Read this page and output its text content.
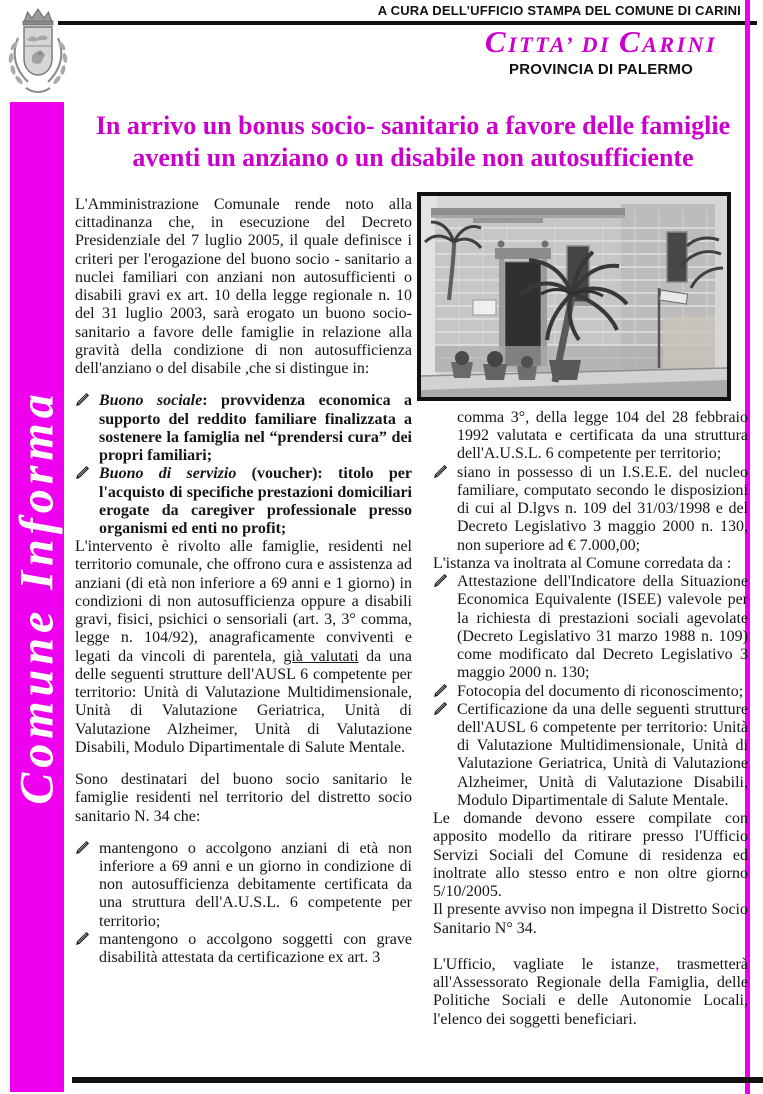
A CURA DELL’UFFICIO STAMPA DEL COMUNE DI CARINI
CITTA’ DI CARINI
PROVINCIA DI PALERMO
Comune Informa
In arrivo un bonus socio- sanitario a favore delle famiglie
aventi un anziano o un disabile non autosufficiente

L'Amministrazione Comunale rende noto alla cittadinanza che, in esecuzione del Decreto Presidenziale del 7 luglio 2005, il quale definisce i criteri per l'erogazione del buono socio - sanitario a nuclei familiari con anziani non autosufficienti o disabili gravi ex art. 10 della legge regionale n. 10 del 31 luglio 2003, sarà erogato un buono socio- sanitario a favore delle famiglie in relazione alla gravità della condizione di non autosufficienza dell'anziano o del disabile ,che si distingue in:

Buono sociale: provvidenza economica a supporto del reddito familiare finalizzata a sostenere la famiglia nel “prendersi cura” dei propri familiari;

Buono di servizio (voucher): titolo per l'acquisto di specifiche prestazioni domiciliari erogate da caregiver professionale presso organismi ed enti no profit;

L'intervento è rivolto alle famiglie, residenti nel territorio comunale, che offrono cura e assistenza ad anziani (di età non inferiore a 69 anni e 1 giorno) in condizioni di non autosufficienza oppure a disabili gravi, fisici, psichici o sensoriali (art. 3, 3° comma, legge n. 104/92), anagraficamente conviventi e legati da vincoli di parentela, già valutati da una delle seguenti strutture dell'AUSL 6 competente per territorio: Unità di Valutazione Multidimensionale, Unità di Valutazione Geriatrica, Unità di Valutazione Alzheimer, Unità di Valutazione Disabili, Modulo Dipartimentale di Salute Mentale.

Sono destinatari del buono socio sanitario le famiglie residenti nel territorio del distretto socio sanitario N. 34 che:

mantengono o accolgono anziani di età non inferiore a 69 anni e un giorno in condizione di non autosufficienza debitamente certificata da una struttura dell'A.U.S.L. 6 competente per territorio;

mantengono o accolgono soggetti con grave disabilità attestata da certificazione ex art. 3

comma 3°, della legge 104 del 28 febbraio 1992 valutata e certificata da una struttura dell'A.U.S.L. 6 competente per territorio;

siano in possesso di un I.S.E.E. del nucleo familiare, computato secondo le disposizioni di cui al D.lgvs n. 109 del 31/03/1998 e del Decreto Legislativo 3 maggio 2000 n. 130, non superiore ad € 7.000,00;

L'istanza va inoltrata al Comune corredata da :

Attestazione dell'Indicatore della Situazione Economica Equivalente (ISEE) valevole per la richiesta di prestazioni sociali agevolate (Decreto Legislativo 31 marzo 1988 n. 109) come modificato dal Decreto Legislativo 3 maggio 2000 n. 130;

Fotocopia del documento di riconoscimento;

Certificazione da una delle seguenti strutture dell'AUSL 6 competente per territorio: Unità di Valutazione Multidimensionale, Unità di Valutazione Geriatrica, Unità di Valutazione Alzheimer, Unità di Valutazione Disabili, Modulo Dipartimentale di Salute Mentale.

Le domande devono essere compilate con apposito modello da ritirare presso l'Ufficio Servizi Sociali del Comune di residenza ed inoltrate allo stesso entro e non oltre giorno 5/10/2005.

Il presente avviso non impegna il Distretto Socio Sanitario N° 34.

L'Ufficio, vagliate le istanze, trasmetterà all'Assessorato Regionale della Famiglia, delle Politiche Sociali e delle Autonomie Locali, l'elenco dei soggetti beneficiari.
